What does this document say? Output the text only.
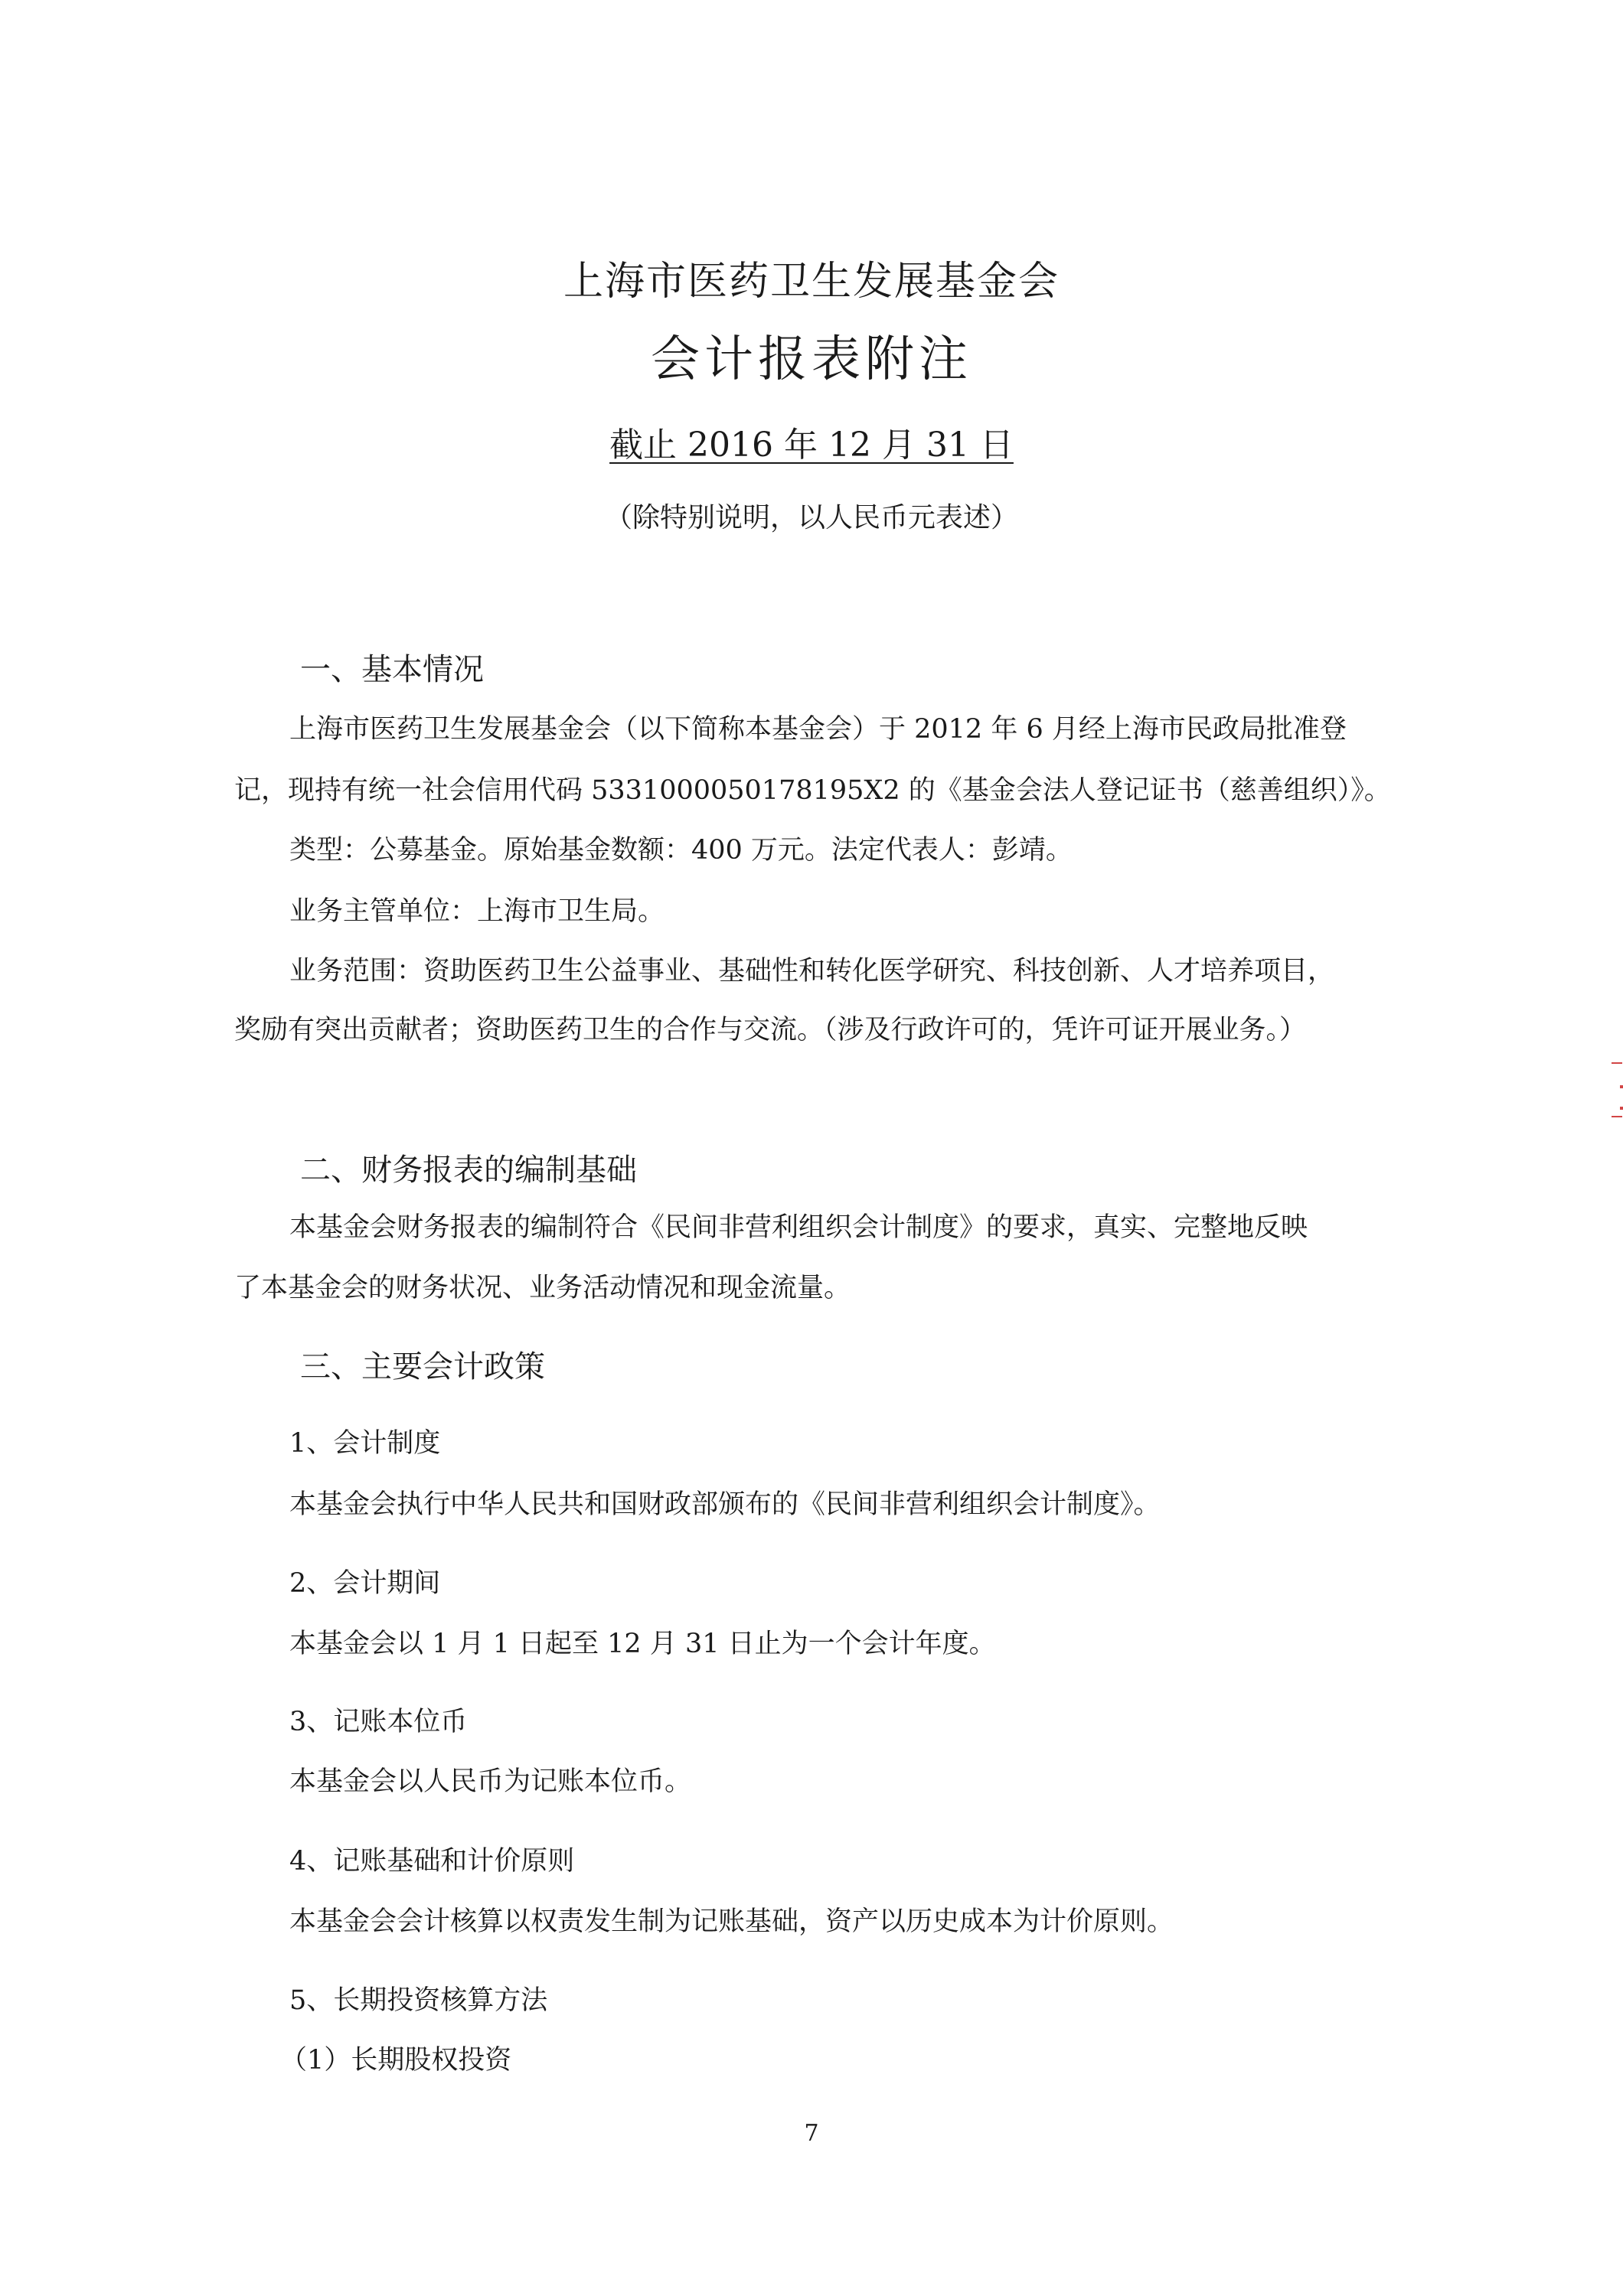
上海市医药卫生发展基金会
会计报表附注
截止 2016 年 12 月 31 日
（除特别说明，以人民币元表述）
一、基本情况
上海市医药卫生发展基金会（以下简称本基金会）于 2012 年 6 月经上海市民政局批准登
记，现持有统一社会信用代码 5331000050178195X2 的《基金会法人登记证书（慈善组织）》。
类型：公募基金。原始基金数额：400 万元。法定代表人：彭靖。
业务主管单位：上海市卫生局。
业务范围：资助医药卫生公益事业、基础性和转化医学研究、科技创新、人才培养项目，
奖励有突出贡献者；资助医药卫生的合作与交流。（涉及行政许可的，凭许可证开展业务。）
二、财务报表的编制基础
本基金会财务报表的编制符合《民间非营利组织会计制度》的要求，真实、完整地反映
了本基金会的财务状况、业务活动情况和现金流量。
三、主要会计政策
1、会计制度
本基金会执行中华人民共和国财政部颁布的《民间非营利组织会计制度》。
2、会计期间
本基金会以 1 月 1 日起至 12 月 31 日止为一个会计年度。
3、记账本位币
本基金会以人民币为记账本位币。
4、记账基础和计价原则
本基金会会计核算以权责发生制为记账基础，资产以历史成本为计价原则。
5、长期投资核算方法
（1）长期股权投资
7
